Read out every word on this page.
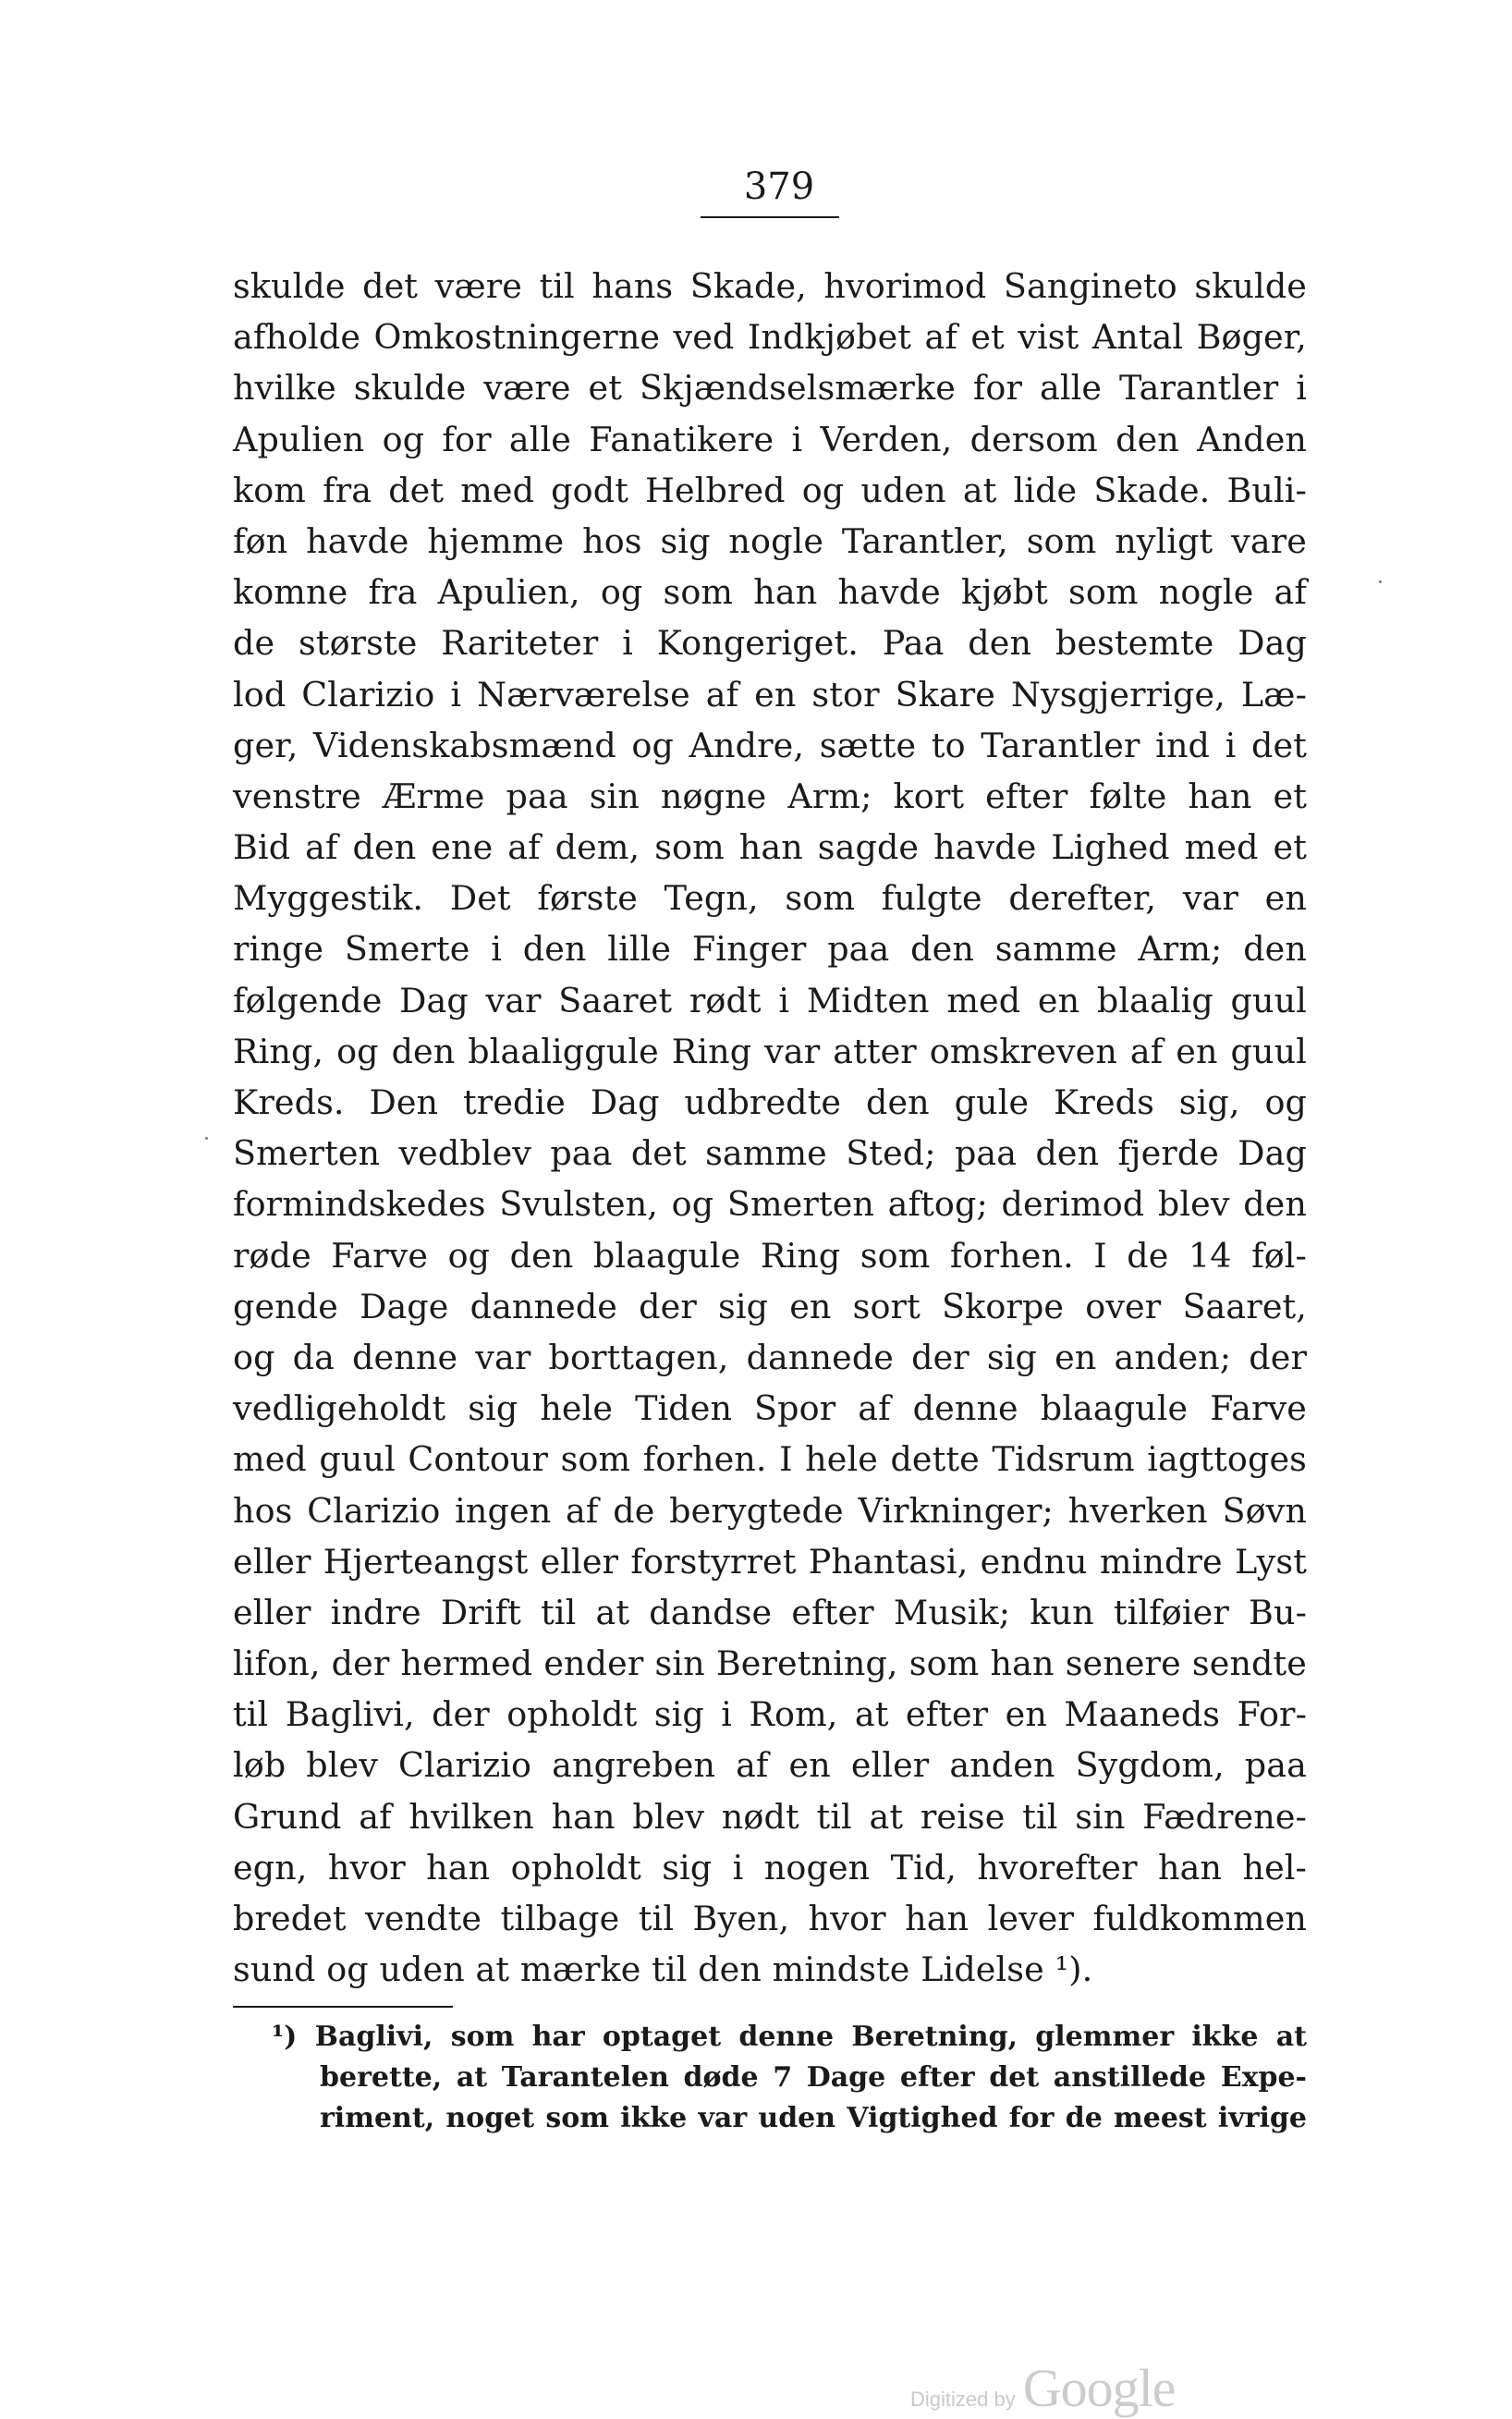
379
skulde det være til hans Skade, hvorimod Sangineto skulde
afholde Omkostningerne ved Indkjøbet af et vist Antal Bøger,
hvilke skulde være et Skjændselsmærke for alle Tarantler i
Apulien og for alle Fanatikere i Verden, dersom den Anden
kom fra det med godt Helbred og uden at lide Skade. Buli-
føn havde hjemme hos sig nogle Tarantler, som nyligt vare
komne fra Apulien, og som han havde kjøbt som nogle af
de største Rariteter i Kongeriget. Paa den bestemte Dag
lod Clarizio i Nærværelse af en stor Skare Nysgjerrige, Læ-
ger, Videnskabsmænd og Andre, sætte to Tarantler ind i det
venstre Ærme paa sin nøgne Arm; kort efter følte han et
Bid af den ene af dem, som han sagde havde Lighed med et
Myggestik. Det første Tegn, som fulgte derefter, var en
ringe Smerte i den lille Finger paa den samme Arm; den
følgende Dag var Saaret rødt i Midten med en blaalig guul
Ring, og den blaaliggule Ring var atter omskreven af en guul
Kreds. Den tredie Dag udbredte den gule Kreds sig, og
Smerten vedblev paa det samme Sted; paa den fjerde Dag
formindskedes Svulsten, og Smerten aftog; derimod blev den
røde Farve og den blaagule Ring som forhen. I de 14 føl-
gende Dage dannede der sig en sort Skorpe over Saaret,
og da denne var borttagen, dannede der sig en anden; der
vedligeholdt sig hele Tiden Spor af denne blaagule Farve
med guul Contour som forhen. I hele dette Tidsrum iagttoges
hos Clarizio ingen af de berygtede Virkninger; hverken Søvn
eller Hjerteangst eller forstyrret Phantasi, endnu mindre Lyst
eller indre Drift til at dandse efter Musik; kun tilføier Bu-
lifon, der hermed ender sin Beretning, som han senere sendte
til Baglivi, der opholdt sig i Rom, at efter en Maaneds For-
løb blev Clarizio angreben af en eller anden Sygdom, paa
Grund af hvilken han blev nødt til at reise til sin Fædrene-
egn, hvor han opholdt sig i nogen Tid, hvorefter han hel-
bredet vendte tilbage til Byen, hvor han lever fuldkommen
sund og uden at mærke til den mindste Lidelse ¹).
¹) Baglivi, som har optaget denne Beretning, glemmer ikke at
berette, at Tarantelen døde 7 Dage efter det anstillede Expe-
riment, noget som ikke var uden Vigtighed for de meest ivrige
Digitized by Google
